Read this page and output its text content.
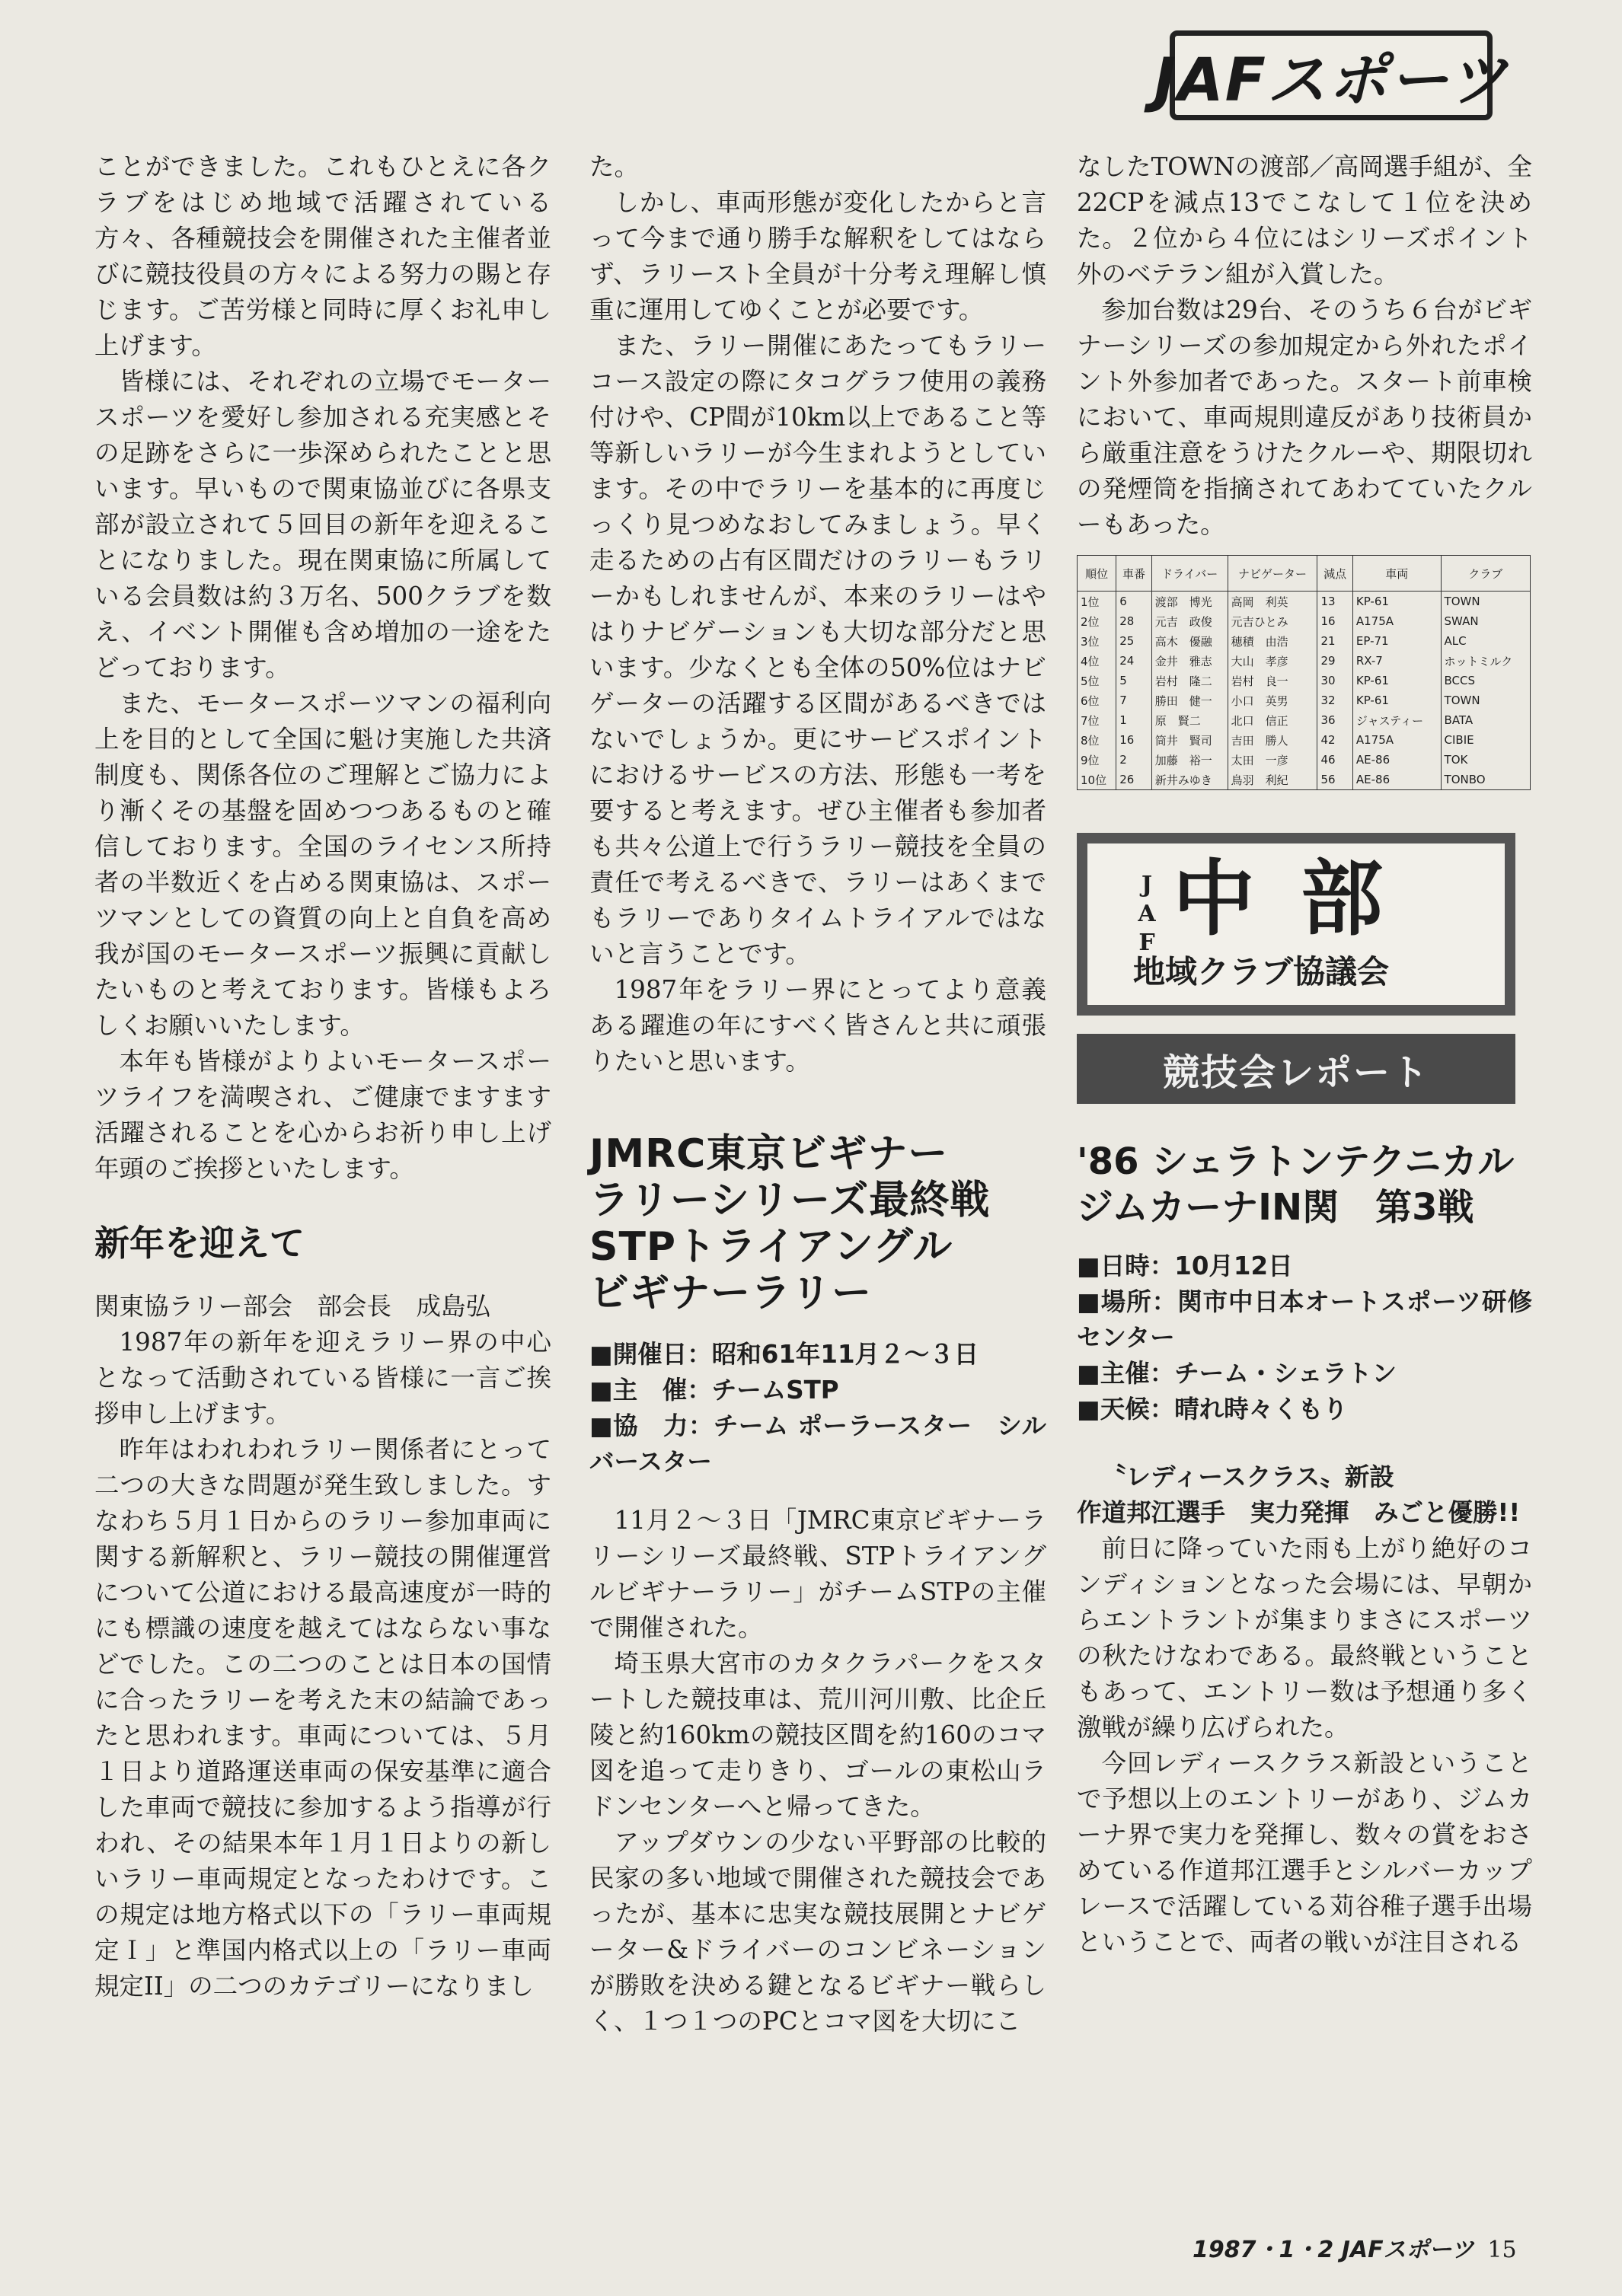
JAFスポーツ

ことができました。これもひとえに各クラブをはじめ地域で活躍されている方々、各種競技会を開催された主催者並びに競技役員の方々による努力の賜と存じます。ご苦労様と同時に厚くお礼申し上げます。

皆様には、それぞれの立場でモータースポーツを愛好し参加される充実感とその足跡をさらに一歩深められたことと思います。早いもので関東協並びに各県支部が設立されて５回目の新年を迎えることになりました。現在関東協に所属している会員数は約３万名、500クラブを数え、イベント開催も含め増加の一途をたどっております。

また、モータースポーツマンの福利向上を目的として全国に魁け実施した共済制度も、関係各位のご理解とご協力により漸くその基盤を固めつつあるものと確信しております。全国のライセンス所持者の半数近くを占める関東協は、スポーツマンとしての資質の向上と自負を高め我が国のモータースポーツ振興に貢献したいものと考えております。皆様もよろしくお願いいたします。

本年も皆様がよりよいモータースポーツライフを満喫され、ご健康でますます活躍されることを心からお祈り申し上げ年頭のご挨拶といたします。

新年を迎えて

関東協ラリー部会　部会長　成島弘

1987年の新年を迎えラリー界の中心となって活動されている皆様に一言ご挨拶申し上げます。

昨年はわれわれラリー関係者にとって二つの大きな問題が発生致しました。すなわち５月１日からのラリー参加車両に関する新解釈と、ラリー競技の開催運営について公道における最高速度が一時的にも標識の速度を越えてはならない事などでした。この二つのことは日本の国情に合ったラリーを考えた末の結論であったと思われます。車両については、５月１日より道路運送車両の保安基準に適合した車両で競技に参加するよう指導が行われ、その結果本年１月１日よりの新しいラリー車両規定となったわけです。この規定は地方格式以下の「ラリー車両規定Ｉ」と準国内格式以上の「ラリー車両規定II」の二つのカテゴリーになりまし

た。

しかし、車両形態が変化したからと言って今まで通り勝手な解釈をしてはならず、ラリースト全員が十分考え理解し慎重に運用してゆくことが必要です。

また、ラリー開催にあたってもラリーコース設定の際にタコグラフ使用の義務付けや、CP間が10km以上であること等等新しいラリーが今生まれようとしています。その中でラリーを基本的に再度じっくり見つめなおしてみましょう。早く走るための占有区間だけのラリーもラリーかもしれませんが、本来のラリーはやはりナビゲーションも大切な部分だと思います。少なくとも全体の50%位はナビゲーターの活躍する区間があるべきではないでしょうか。更にサービスポイントにおけるサービスの方法、形態も一考を要すると考えます。ぜひ主催者も参加者も共々公道上で行うラリー競技を全員の責任で考えるべきで、ラリーはあくまでもラリーでありタイムトライアルではないと言うことです。

1987年をラリー界にとってより意義ある躍進の年にすべく皆さんと共に頑張りたいと思います。

JMRC東京ビギナー
ラリーシリーズ最終戦
STPトライアングル
ビギナーラリー

■開催日：昭和61年11月２～３日

■主　催：チームSTP

■協　力：チーム ポーラースター　シルバースター

11月２～３日「JMRC東京ビギナーラリーシリーズ最終戦、STPトライアングルビギナーラリー」がチームSTPの主催で開催された。

埼玉県大宮市のカタクラパークをスタートした競技車は、荒川河川敷、比企丘陵と約160kmの競技区間を約160のコマ図を追って走りきり、ゴールの東松山ラドンセンターへと帰ってきた。

アップダウンの少ない平野部の比較的民家の多い地域で開催された競技会であったが、基本に忠実な競技展開とナビゲーター&ドライバーのコンビネーションが勝敗を決める鍵となるビギナー戦らしく、１つ１つのPCとコマ図を大切にこ

なしたTOWNの渡部／高岡選手組が、全22CPを減点13でこなして１位を決めた。２位から４位にはシリーズポイント外のベテラン組が入賞した。

参加台数は29台、そのうち６台がビギナーシリーズの参加規定から外れたポイント外参加者であった。スタート前車検において、車両規則違反があり技術員から厳重注意をうけたクルーや、期限切れの発煙筒を指摘されてあわてていたクルーもあった。

順位	車番	ドライバー	ナビゲーター	減点	車両	クラブ
1位	6	渡部　博光	高岡　利英	13	KP-61	TOWN
2位	28	元吉　政俊	元吉ひとみ	16	A175A	SWAN
3位	25	高木　優融	穂積　由浩	21	EP-71	ALC
4位	24	金井　雅志	大山　孝彦	29	RX-7	ホットミルク
5位	5	岩村　隆二	岩村　良一	30	KP-61	BCCS
6位	7	勝田　健一	小口　英男	32	KP-61	TOWN
7位	1	原　賢二	北口　信正	36	ジャスティー	BATA
8位	16	筒井　賢司	吉田　勝人	42	A175A	CIBIE
9位	2	加藤　裕一	太田　一彦	46	AE-86	TOK
10位	26	新井みゆき	鳥羽　利紀	56	AE-86	TONBO
J
A
F 中部
地域クラブ協議会
競技会レポート
'86 シェラトンテクニカル
ジムカーナIN関　第3戦

■日時：10月12日

■場所：関市中日本オートスポーツ研修センター

■主催：チーム・シェラトン

■天候：晴れ時々くもり

〝レディースクラス〟新設

作道邦江選手　実力発揮　みごと優勝!!

前日に降っていた雨も上がり絶好のコンディションとなった会場には、早朝からエントラントが集まりまさにスポーツの秋たけなわである。最終戦ということもあって、エントリー数は予想通り多く激戦が繰り広げられた。

今回レディースクラス新設ということで予想以上のエントリーがあり、ジムカーナ界で実力を発揮し、数々の賞をおさめている作道邦江選手とシルバーカップレースで活躍している苅谷稚子選手出場ということで、両者の戦いが注目される

1987・1・2 JAFスポーツ 15
